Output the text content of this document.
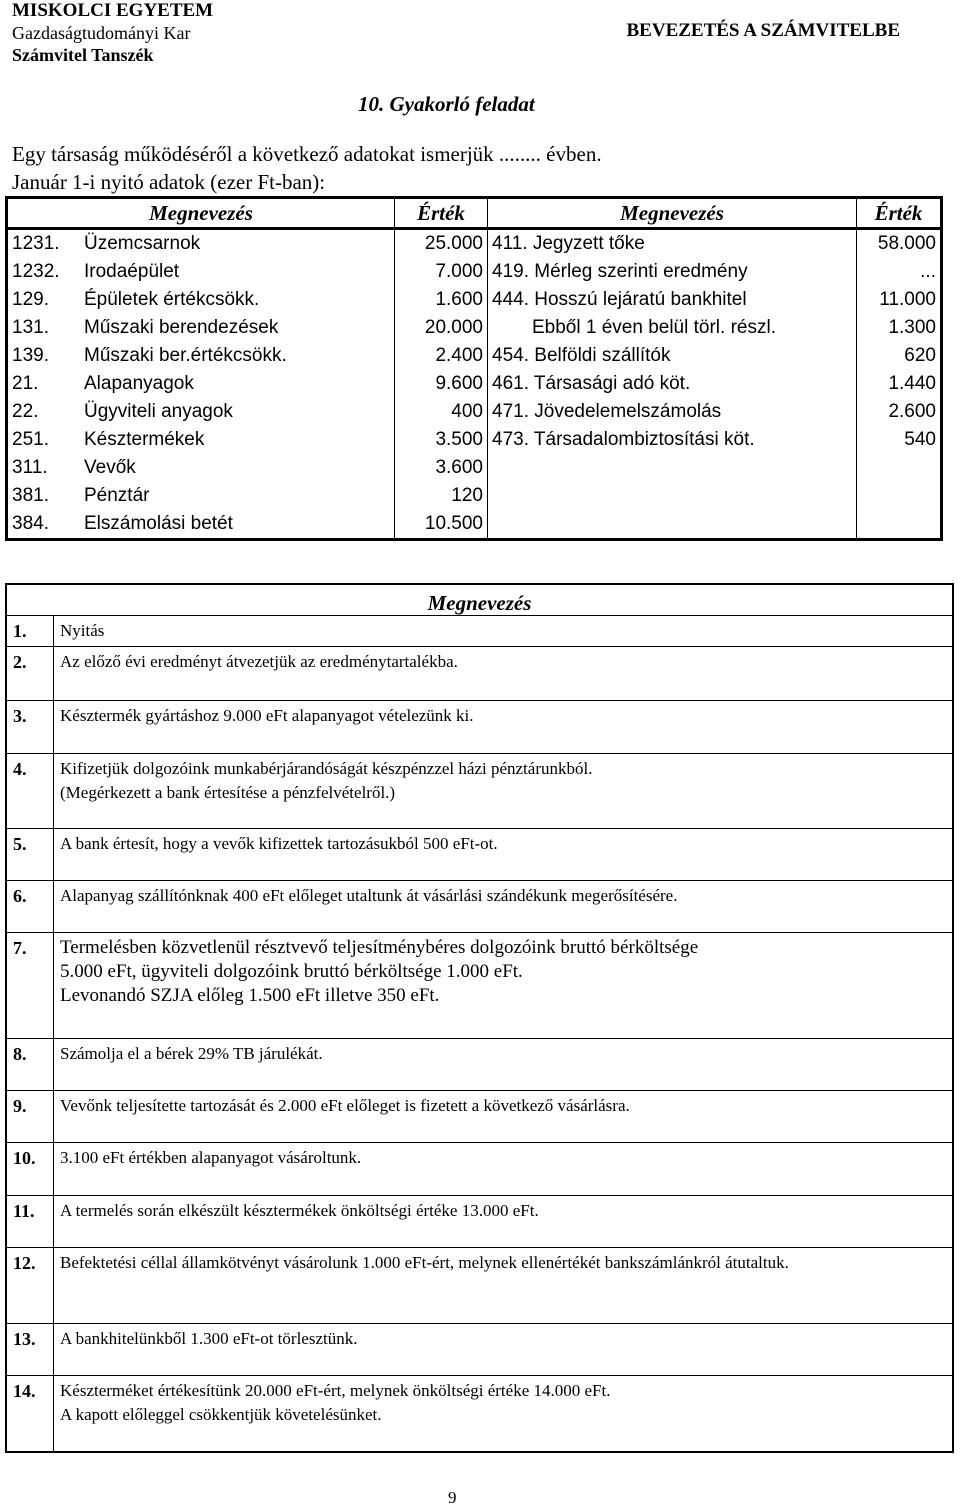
MISKOLCI EGYETEM
Gazdaságtudományi Kar
Számvitel Tanszék
BEVEZETÉS A SZÁMVITELBE
10. Gyakorló feladat
Egy társaság működéséről a következő adatokat ismerjük ........ évben.
Január 1-i nyitó adatok (ezer Ft-ban):
Megnevezés	Érték	Megnevezés	Érték
1231. Üzemcsarnok	25.000	411. Jegyzett tőke	58.000
1232. Irodaépület	7.000	419. Mérleg szerinti eredmény	...
129. Épületek értékcsökk.	1.600	444. Hosszú lejáratú bankhitel	11.000
131. Műszaki berendezések	20.000	Ebből 1 éven belül törl. részl.	1.300
139. Műszaki ber.értékcsökk.	2.400	454. Belföldi szállítók	620
21. Alapanyagok	9.600	461. Társasági adó köt.	1.440
22. Ügyviteli anyagok	400	471. Jövedelemelszámolás	2.600
251. Késztermékek	3.500	473. Társadalombiztosítási köt.	540
311. Vevők	3.600		
381. Pénztár	120		
384. Elszámolási betét	10.500		
Megnevezés	
1.	Nyitás

2.	Az előző évi eredményt átvezetjük az eredménytartalékba.

3.	Késztermék gyártáshoz 9.000 eFt alapanyagot vételezünk ki.

4.	Kifizetjük dolgozóink munkabérjárandóságát készpénzzel házi pénztárunkból.
(Megérkezett a bank értesítése a pénzfelvételről.)

5.	A bank értesít, hogy a vevők kifizettek tartozásukból 500 eFt-ot.

6.	Alapanyag szállítónknak 400 eFt előleget utaltunk át vásárlási szándékunk megerősítésére.

7.	Termelésben közvetlenül résztvevő teljesítménybéres dolgozóink bruttó bérköltsége
5.000 eFt, ügyviteli dolgozóink bruttó bérköltsége 1.000 eFt.
Levonandó SZJA előleg 1.500 eFt illetve 350 eFt.

8.	Számolja el a bérek 29% TB járulékát.

9.	Vevőnk teljesítette tartozását és 2.000 eFt előleget is fizetett a következő vásárlásra.

10.	3.100 eFt értékben alapanyagot vásároltunk.

11.	A termelés során elkészült késztermékek önköltségi értéke 13.000 eFt.

12.	Befektetési céllal államkötvényt vásárolunk 1.000 eFt-ért, melynek ellenértékét bankszámlánkról átutaltuk.

13.	A bankhitelünkből 1.300 eFt-ot törlesztünk.

14.	Készterméket értékesítünk 20.000 eFt-ért, melynek önköltségi értéke 14.000 eFt.
A kapott előleggel csökkentjük követelésünket.
9
